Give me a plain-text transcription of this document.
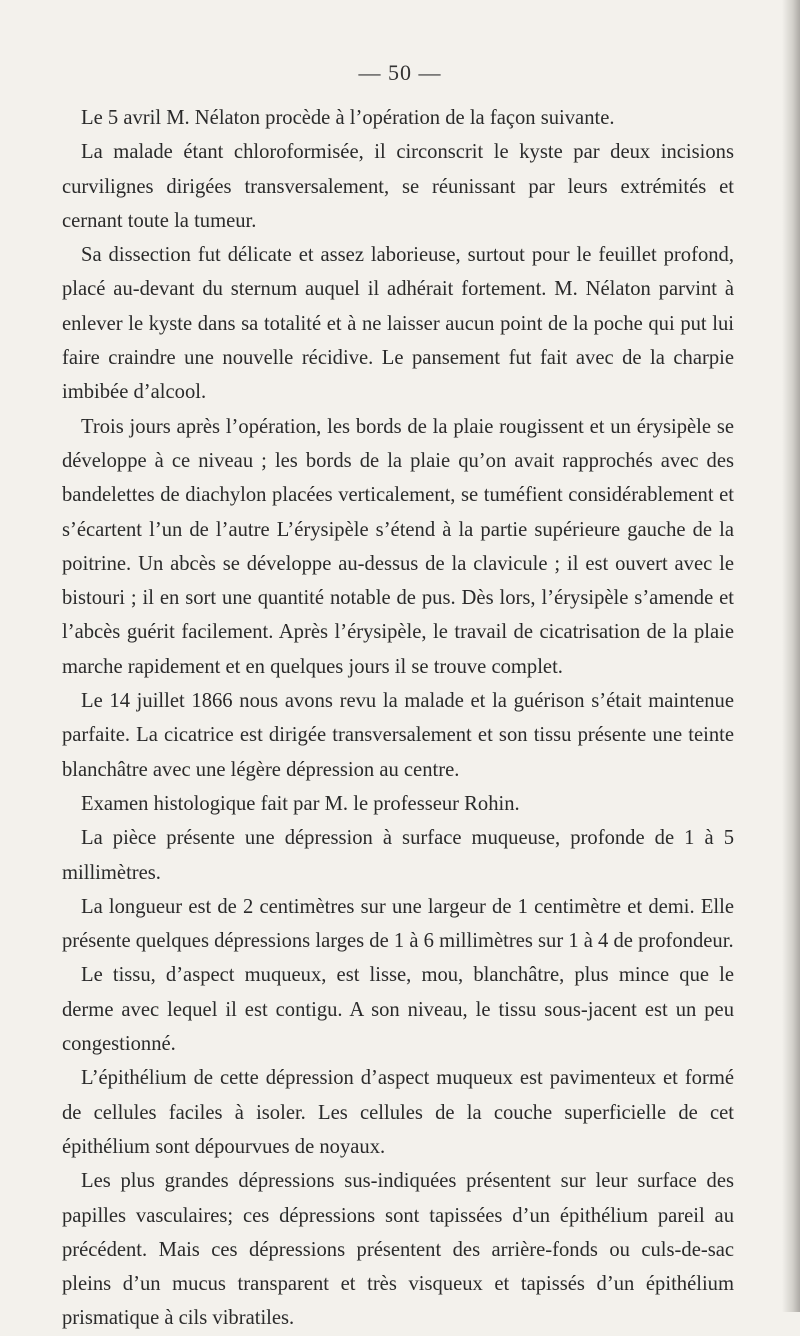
— 50 —

Le 5 avril M. Nélaton procède à l’opération de la façon suivante.

La malade étant chloroformisée, il circonscrit le kyste par deux incisions curvilignes dirigées transversalement, se réunissant par leurs extrémités et cernant toute la tumeur.

Sa dissection fut délicate et assez laborieuse, surtout pour le feuillet profond, placé au-devant du sternum auquel il adhérait fortement. M. Nélaton parvint à enlever le kyste dans sa totalité et à ne laisser aucun point de la poche qui put lui faire craindre une nouvelle récidive. Le pansement fut fait avec de la charpie imbibée d’alcool.

Trois jours après l’opération, les bords de la plaie rougissent et un érysipèle se développe à ce niveau ; les bords de la plaie qu’on avait rapprochés avec des bandelettes de diachylon placées verticalement, se tuméfient considérablement et s’écartent l’un de l’autre L’érysipèle s’étend à la partie supérieure gauche de la poitrine. Un abcès se développe au-dessus de la clavicule ; il est ouvert avec le bistouri ; il en sort une quantité notable de pus. Dès lors, l’érysipèle s’amende et l’abcès guérit facilement. Après l’érysipèle, le travail de cicatrisation de la plaie marche rapidement et en quelques jours il se trouve complet.

Le 14 juillet 1866 nous avons revu la malade et la guérison s’était maintenue parfaite. La cicatrice est dirigée transversalement et son tissu présente une teinte blanchâtre avec une légère dépression au centre.

Examen histologique fait par M. le professeur Rohin.

La pièce présente une dépression à surface muqueuse, profonde de 1 à 5 millimètres.

La longueur est de 2 centimètres sur une largeur de 1 centimètre et demi. Elle présente quelques dépressions larges de 1 à 6 millimètres sur 1 à 4 de profondeur.

Le tissu, d’aspect muqueux, est lisse, mou, blanchâtre, plus mince que le derme avec lequel il est contigu. A son niveau, le tissu sous-jacent est un peu congestionné.

L’épithélium de cette dépression d’aspect muqueux est pavimenteux et formé de cellules faciles à isoler. Les cellules de la couche superficielle de cet épithélium sont dépourvues de noyaux.

Les plus grandes dépressions sus-indiquées présentent sur leur surface des papilles vasculaires; ces dépressions sont tapissées d’un épithélium pareil au précédent. Mais ces dépressions présentent des arrière-fonds ou culs-de-sac pleins d’un mucus transparent et très visqueux et tapissés d’un épithélium prismatique à cils vibratiles.
